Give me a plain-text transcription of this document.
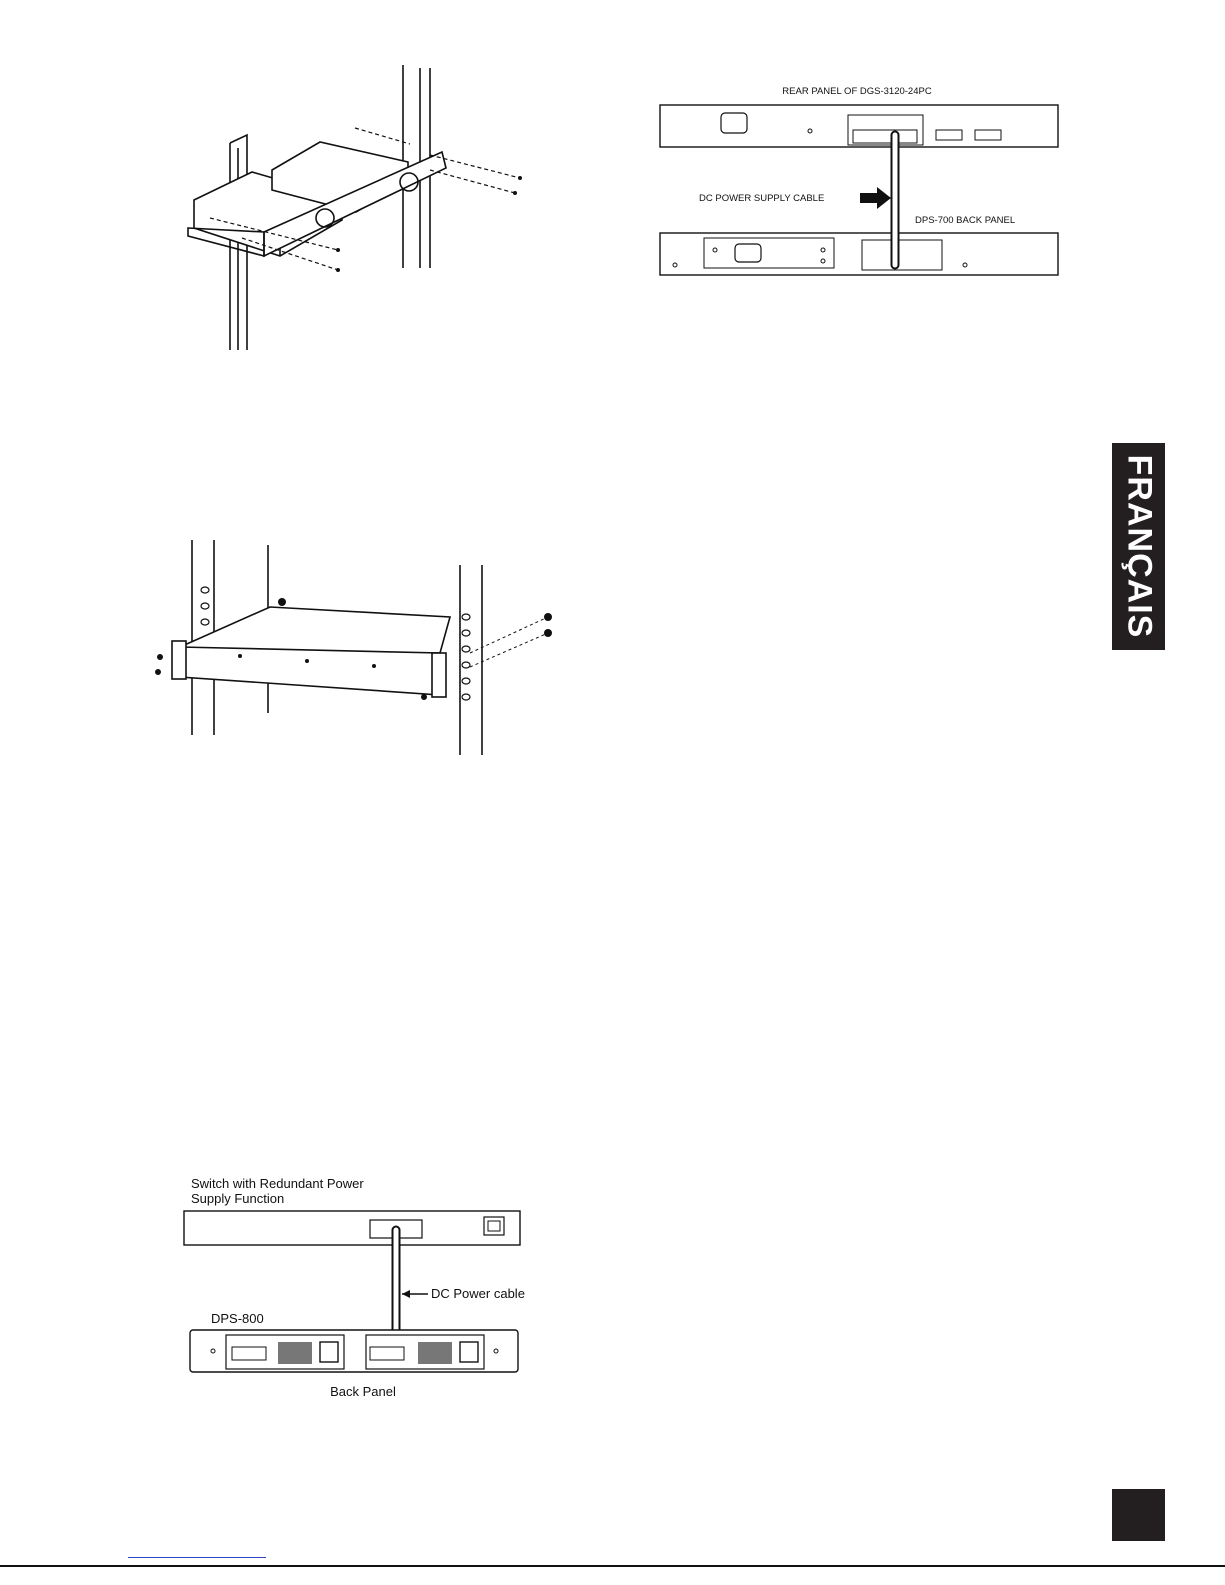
REAR PANEL OF DGS-3120-24PC
DC POWER SUPPLY CABLE
DPS-700 BACK PANEL
Switch with Redundant Power
Supply Function
DC Power cable
DPS-800
Back Panel
FRANÇAIS
